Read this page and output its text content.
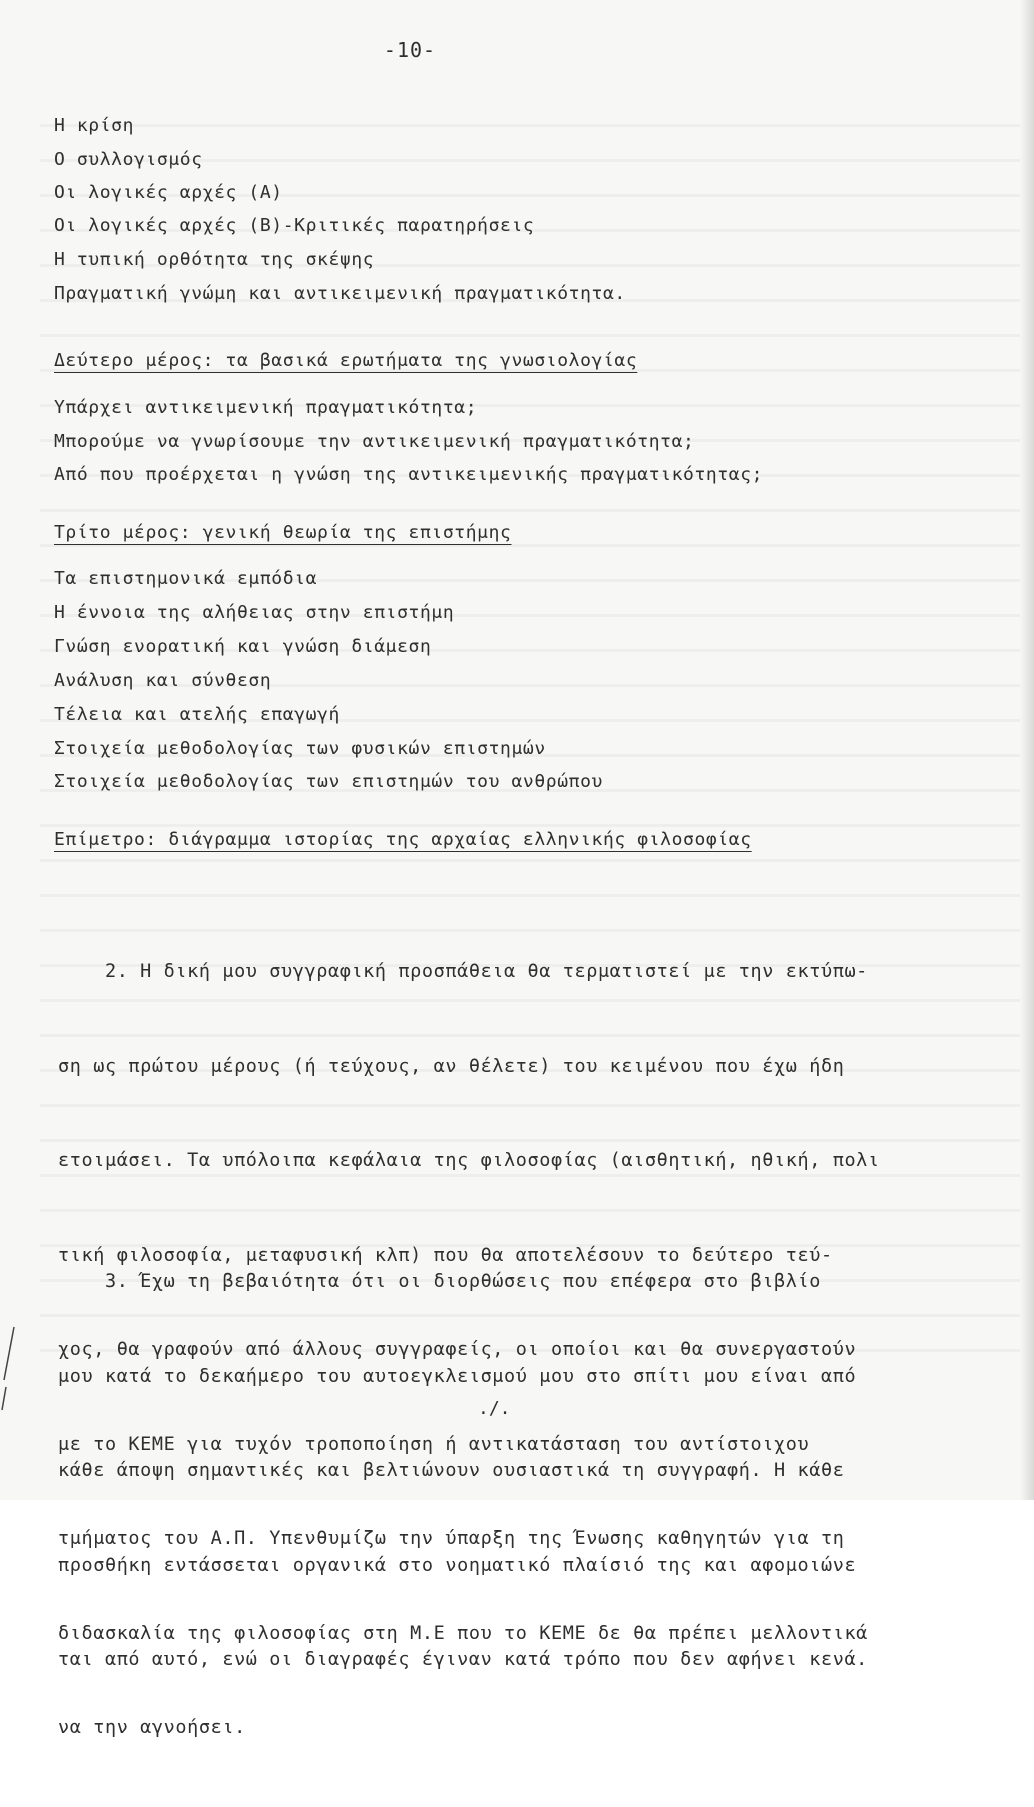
-10-
Η κρίση
Ο συλλογισμός
Οι λογικές αρχές (Α)
Οι λογικές αρχές (Β)-Κριτικές παρατηρήσεις
Η τυπική ορθότητα της σκέψης
Πραγματική γνώμη και αντικειμενική πραγματικότητα.
Δεύτερο μέρος: τα βασικά ερωτήματα της γνωσιολογίας
Υπάρχει αντικειμενική πραγματικότητα;
Μπορούμε να γνωρίσουμε την αντικειμενική πραγματικότητα;
Από που προέρχεται η γνώση της αντικειμενικής πραγματικότητας;
Τρίτο μέρος: γενική θεωρία της επιστήμης
Τα επιστημονικά εμπόδια
Η έννοια της αλήθειας στην επιστήμη
Γνώση ενορατική και γνώση διάμεση
Ανάλυση και σύνθεση
Τέλεια και ατελής επαγωγή
Στοιχεία μεθοδολογίας των φυσικών επιστημών
Στοιχεία μεθοδολογίας των επιστημών του ανθρώπου
Επίμετρο: διάγραμμα ιστορίας της αρχαίας ελληνικής φιλοσοφίας

2. Η δική μου συγγραφική προσπάθεια θα τερματιστεί με την εκτύπω-

ση ως πρώτου μέρους (ή τεύχους, αν θέλετε) του κειμένου που έχω ήδη

ετοιμάσει. Τα υπόλοιπα κεφάλαια της φιλοσοφίας (αισθητική, ηθική, πολι

τική φιλοσοφία, μεταφυσική κλπ) που θα αποτελέσουν το δεύτερο τεύ-

χος, θα γραφούν από άλλους συγγραφείς, οι οποίοι και θα συνεργαστούν

με το ΚΕΜΕ για τυχόν τροποποίηση ή αντικατάσταση του αντίστοιχου

τμήματος του Α.Π. Υπενθυμίζω την ύπαρξη της Ένωσης καθηγητών για τη

διδασκαλία της φιλοσοφίας στη Μ.Ε που το ΚΕΜΕ δε θα πρέπει μελλοντικά

να την αγνοήσει.

3. Έχω τη βεβαιότητα ότι οι διορθώσεις που επέφερα στο βιβλίο

μου κατά το δεκαήμερο του αυτοεγκλεισμού μου στο σπίτι μου είναι από

κάθε άποψη σημαντικές και βελτιώνουν ουσιαστικά τη συγγραφή. Η κάθε

προσθήκη εντάσσεται οργανικά στο νοηματικό πλαίσιό της και αφομοιώνε

ται από αυτό, ενώ οι διαγραφές έγιναν κατά τρόπο που δεν αφήνει κενά.

./.
